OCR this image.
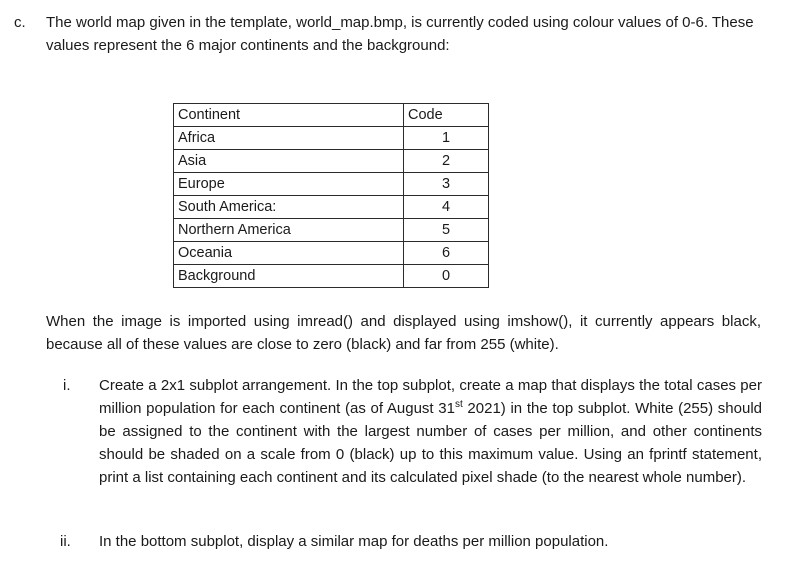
c. The world map given in the template, world_map.bmp, is currently coded using colour values of 0-6. These values represent the 6 major continents and the background:

Continent	Code
Africa	1
Asia	2
Europe	3
South America:	4
Northern America	5
Oceania	6
Background	0

When the image is imported using imread() and displayed using imshow(), it currently appears black, because all of these values are close to zero (black) and far from 255 (white).

i. Create a 2x1 subplot arrangement. In the top subplot, create a map that displays the total cases per million population for each continent (as of August 31st 2021) in the top subplot. White (255) should be assigned to the continent with the largest number of cases per million, and other continents should be shaded on a scale from 0 (black) up to this maximum value. Using an fprintf statement, print a list containing each continent and its calculated pixel shade (to the nearest whole number).

ii. In the bottom subplot, display a similar map for deaths per million population.
